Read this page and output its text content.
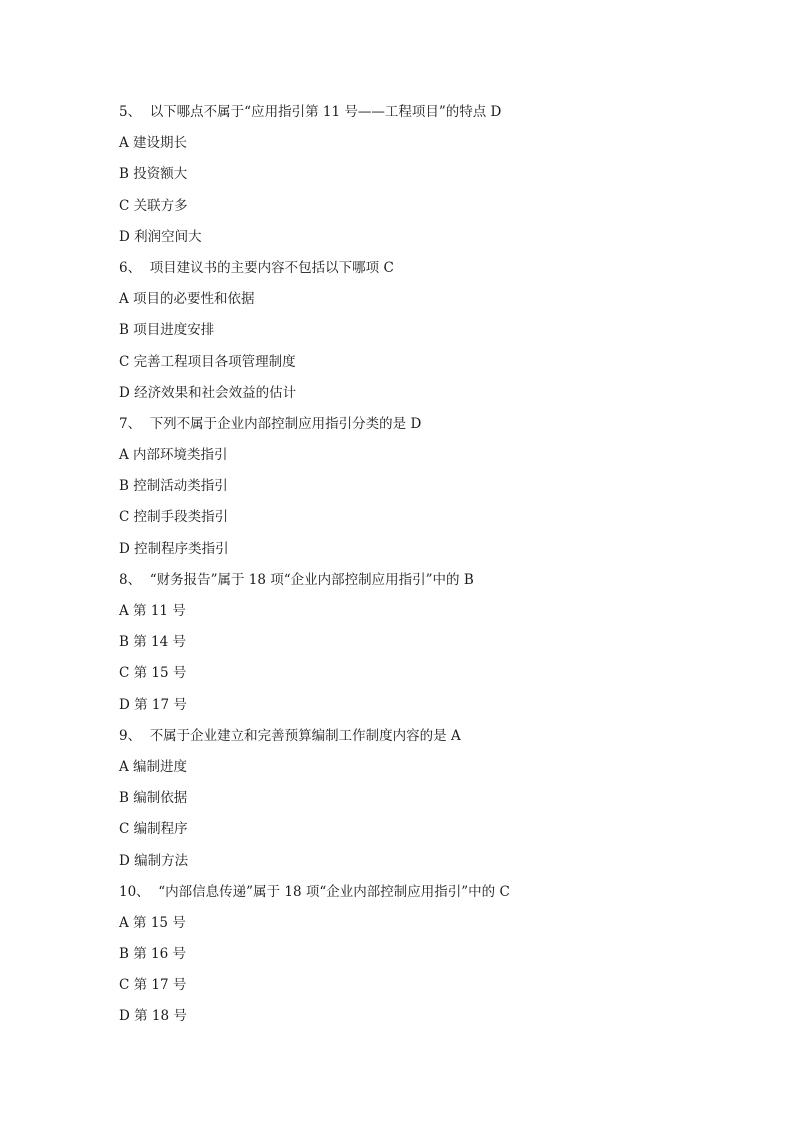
5、 以下哪点不属于“应用指引第 11 号——工程项目”的特点 D
A 建设期长
B 投资额大
C 关联方多
D 利润空间大
6、 项目建议书的主要内容不包括以下哪项 C
A 项目的必要性和依据
B 项目进度安排
C 完善工程项目各项管理制度
D 经济效果和社会效益的估计
7、 下列不属于企业内部控制应用指引分类的是 D
A 内部环境类指引
B 控制活动类指引
C 控制手段类指引
D 控制程序类指引
8、 “财务报告”属于 18 项“企业内部控制应用指引”中的 B
A 第 11 号
B 第 14 号
C 第 15 号
D 第 17 号
9、 不属于企业建立和完善预算编制工作制度内容的是 A
A 编制进度
B 编制依据
C 编制程序
D 编制方法
10、 “内部信息传递”属于 18 项“企业内部控制应用指引”中的 C
A 第 15 号
B 第 16 号
C 第 17 号
D 第 18 号
